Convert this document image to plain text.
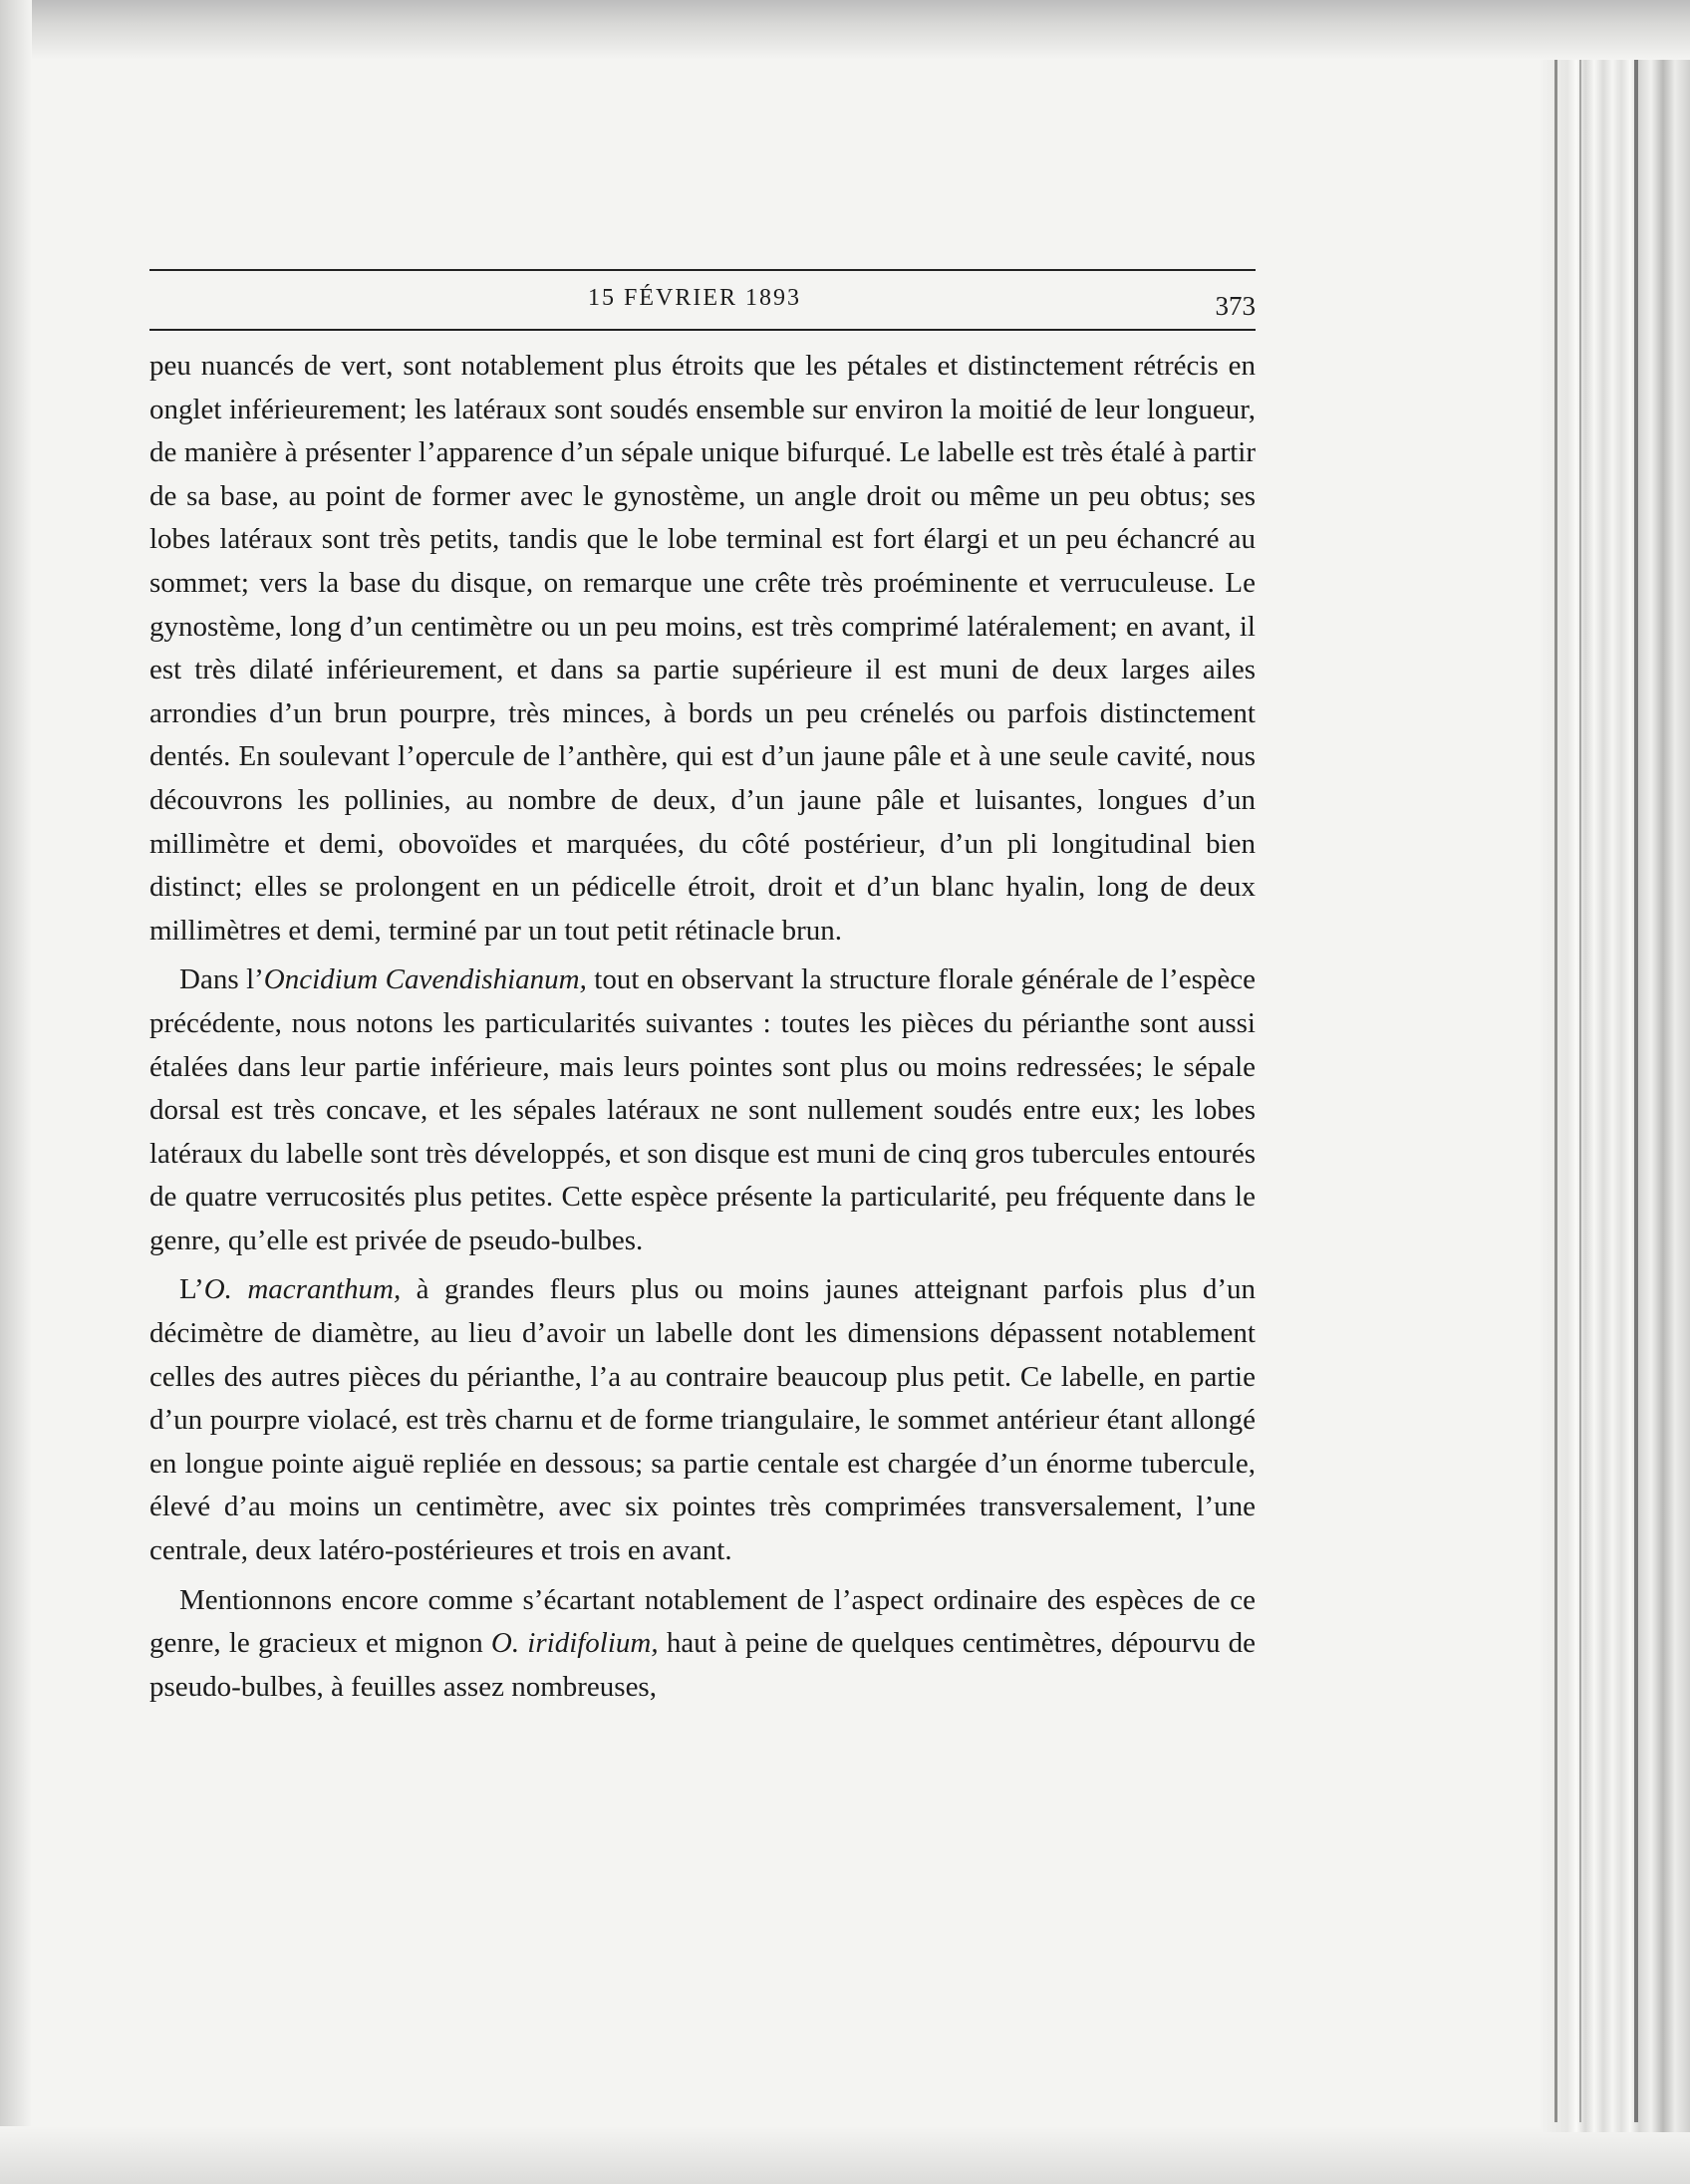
15 FÉVRIER 1893	373

peu nuancés de vert, sont notablement plus étroits que les pétales et distinctement rétrécis en onglet inférieurement; les latéraux sont soudés ensemble sur environ la moitié de leur longueur, de manière à présenter l’apparence d’un sépale unique bifurqué. Le labelle est très étalé à partir de sa base, au point de former avec le gynostème, un angle droit ou même un peu obtus; ses lobes latéraux sont très petits, tandis que le lobe terminal est fort élargi et un peu échancré au sommet; vers la base du disque, on remarque une crête très proéminente et verruculeuse. Le gynostème, long d’un centimètre ou un peu moins, est très comprimé latéralement; en avant, il est très dilaté inférieurement, et dans sa partie supérieure il est muni de deux larges ailes arrondies d’un brun pourpre, très minces, à bords un peu crénelés ou parfois distinctement dentés. En soulevant l’opercule de l’anthère, qui est d’un jaune pâle et à une seule cavité, nous découvrons les pollinies, au nombre de deux, d’un jaune pâle et luisantes, longues d’un millimètre et demi, obovoïdes et marquées, du côté postérieur, d’un pli longitudinal bien distinct; elles se prolongent en un pédicelle étroit, droit et d’un blanc hyalin, long de deux millimètres et demi, terminé par un tout petit rétinacle brun.

Dans l’Oncidium Cavendishianum, tout en observant la structure florale générale de l’espèce précédente, nous notons les particularités suivantes : toutes les pièces du périanthe sont aussi étalées dans leur partie inférieure, mais leurs pointes sont plus ou moins redressées; le sépale dorsal est très concave, et les sépales latéraux ne sont nullement soudés entre eux; les lobes latéraux du labelle sont très développés, et son disque est muni de cinq gros tubercules entourés de quatre verrucosités plus petites. Cette espèce présente la particularité, peu fréquente dans le genre, qu’elle est privée de pseudo-bulbes.

L’O. macranthum, à grandes fleurs plus ou moins jaunes atteignant parfois plus d’un décimètre de diamètre, au lieu d’avoir un labelle dont les dimensions dépassent notablement celles des autres pièces du périanthe, l’a au contraire beaucoup plus petit. Ce labelle, en partie d’un pourpre violacé, est très charnu et de forme triangulaire, le sommet antérieur étant allongé en longue pointe aiguë repliée en dessous; sa partie centale est chargée d’un énorme tubercule, élevé d’au moins un centimètre, avec six pointes très comprimées transversalement, l’une centrale, deux latéro-postérieures et trois en avant.

Mentionnons encore comme s’écartant notablement de l’aspect ordinaire des espèces de ce genre, le gracieux et mignon O. iridifolium, haut à peine de quelques centimètres, dépourvu de pseudo-bulbes, à feuilles assez nombreuses,
